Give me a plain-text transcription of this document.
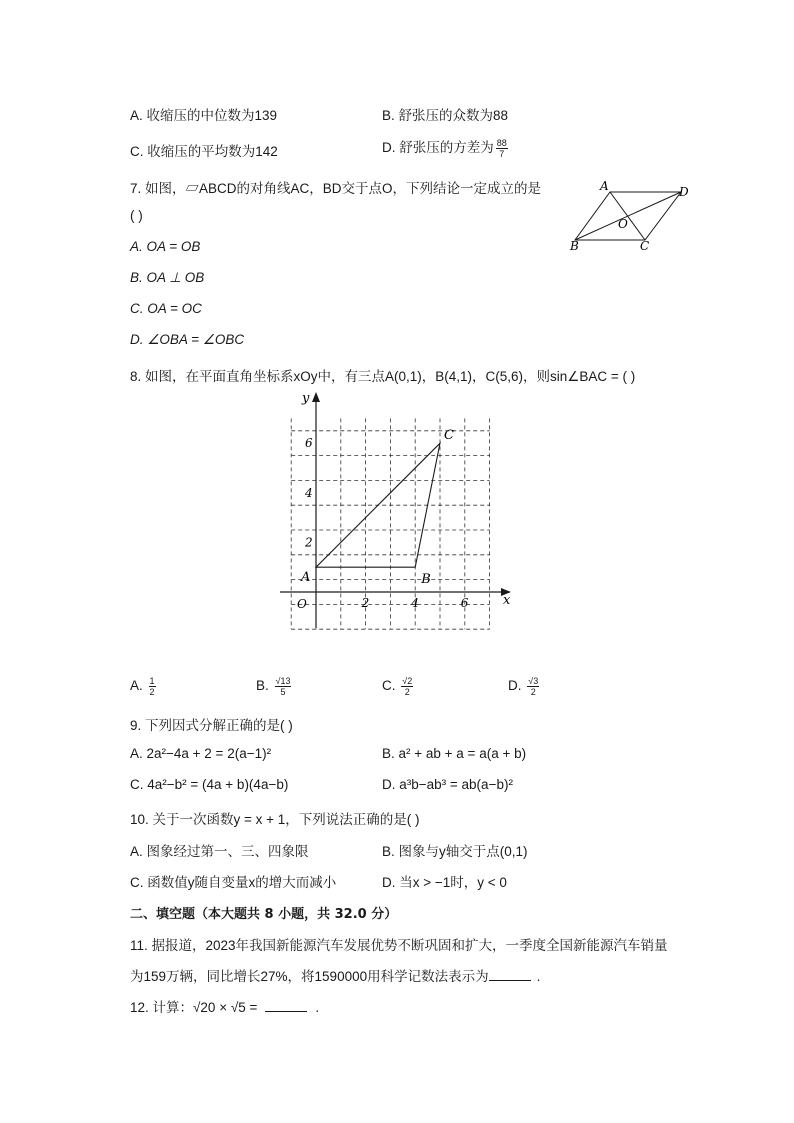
A. 收缩压的中位数为139	B. 舒张压的众数为88
C. 收缩压的平均数为142	D. 舒张压的方差为 $\frac{88}{7}$
7. 如图，▱ABCD的对角线AC，BD交于点O，下列结论一定成立的是
( )
A. OA = OB
B. OA ⊥ OB
C. OA = OC
D. ∠OBA = ∠OBC
A	D
B	C
O
8. 如图，在平面直角坐标系xOy中，有三点A(0,1)，B(4,1)，C(5,6)，则sin∠BAC = ( )
x
y
O	2	4	6
2
4
6
A	B
C
A. $\frac{1}{2}$	B. $\frac{√13}{5}$	C. $\frac{√2}{2}$	D. $\frac{√3}{2}$
9. 下列因式分解正确的是( )
A. 2a²−4a + 2 = 2(a−1)²	B. a² + ab + a = a(a + b)
C. 4a²−b² = (4a + b)(4a−b)	D. a³b−ab³ = ab(a−b)²
10. 关于一次函数y = x + 1，下列说法正确的是( )
A. 图象经过第一、三、四象限	B. 图象与y轴交于点(0,1)
C. 函数值y随自变量x的增大而减小	D. 当x > −1时，y < 0
二、填空题（本大题共 8 小题，共 32.0 分）
11. 据报道，2023年我国新能源汽车发展优势不断巩固和扩大，一季度全国新能源汽车销量
为159万辆，同比增长27%，将1590000用科学记数法表示为	.
12. 计算：√20 × √5 =	.
